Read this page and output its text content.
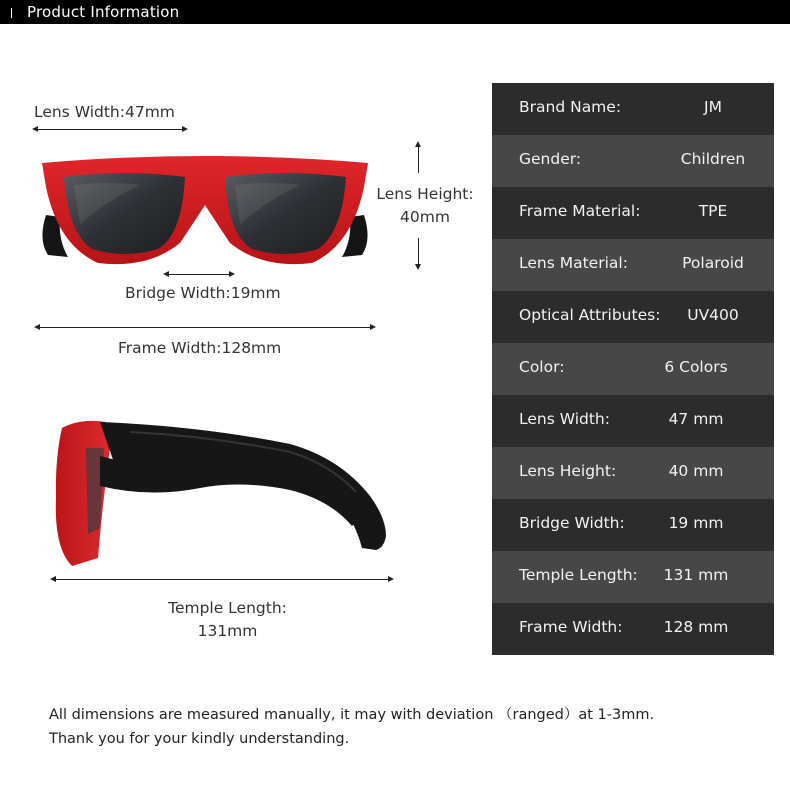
Product Information
Lens Width:47mm
Lens Height:
40mm
Bridge Width:19mm
Frame Width:128mm
Temple Length:
131mm
Brand Name:	JM
Gender:	Children
Frame Material:	TPE
Lens Material:	Polaroid
Optical Attributes: UV400
Color:	6 Colors
Lens Width:	47 mm
Lens Height:	40 mm
Bridge Width:	19 mm
Temple Length: 131 mm
Frame Width:	128 mm
All dimensions are measured manually, it may with deviation （ranged）at 1-3mm.
Thank you for your kindly understanding.
